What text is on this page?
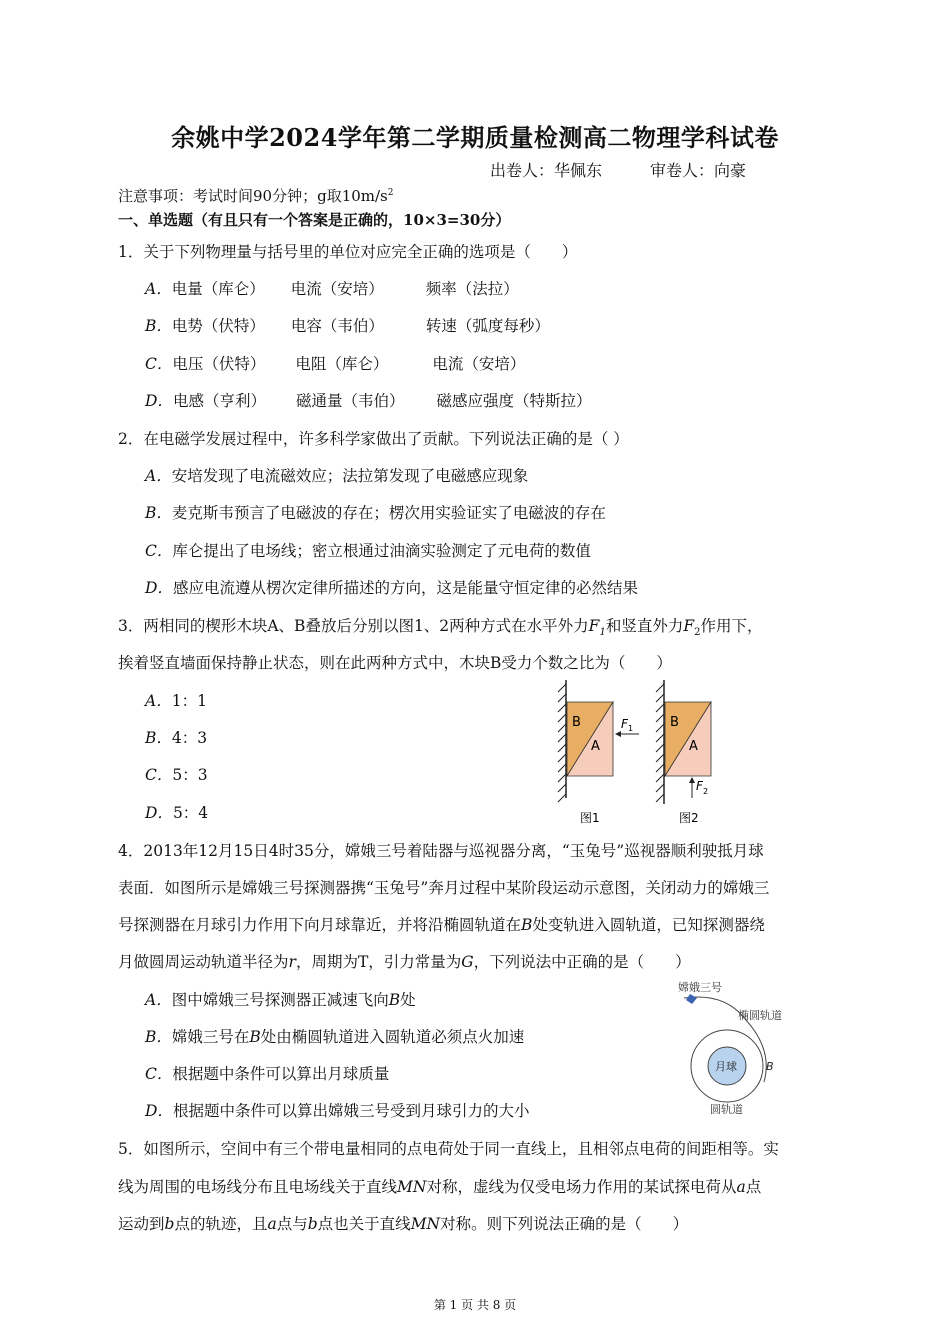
余姚中学2024学年第二学期质量检测高二物理学科试卷
出卷人：华佩东	审卷人：向豪
注意事项：考试时间90分钟；g取$10m/s^2$
一、单选题（有且只有一个答案是正确的，10×3=30分）
1．关于下列物理量与括号里的单位对应完全正确的选项是（　　）
A．电量（库仑） 电流（安培）	频率（法拉）
B．电势（伏特） 电容（韦伯）	转速（弧度每秒）
C．电压（伏特） 电阻（库仑）	电流（安培）
D．电感（亨利） 磁通量（韦伯） 磁感应强度（特斯拉）
2．在电磁学发展过程中，许多科学家做出了贡献。下列说法正确的是（ ）
A．安培发现了电流磁效应；法拉第发现了电磁感应现象
B．麦克斯韦预言了电磁波的存在；楞次用实验证实了电磁波的存在
C．库仑提出了电场线；密立根通过油滴实验测定了元电荷的数值
D．感应电流遵从楞次定律所描述的方向，这是能量守恒定律的必然结果
3．两相同的楔形木块A、B叠放后分别以图1、2两种方式在水平外力$F_1$和竖直外力$F_2$作用下，
挨着竖直墙面保持静止状态，则在此两种方式中，木块B受力个数之比为（　　）
A．1：1
B．4：3
C．5：3
D．5：4
B
A
F 1
图1
B
A
F 2
图2
4．2013年12月15日4时35分，嫦娥三号着陆器与巡视器分离，“玉兔号”巡视器顺利驶抵月球
表面．如图所示是嫦娥三号探测器携“玉兔号”奔月过程中某阶段运动示意图，关闭动力的嫦娥三
号探测器在月球引力作用下向月球靠近，并将沿椭圆轨道在B处变轨进入圆轨道，已知探测器绕
月做圆周运动轨道半径为r，周期为T，引力常量为G，下列说法中正确的是（　　）
A．图中嫦娥三号探测器正减速飞向B处
B．嫦娥三号在B处由椭圆轨道进入圆轨道必须点火加速
C．根据题中条件可以算出月球质量
D．根据题中条件可以算出嫦娥三号受到月球引力的大小
嫦娥三号
椭圆轨道
月球	B
圆轨道
5．如图所示，空间中有三个带电量相同的点电荷处于同一直线上，且相邻点电荷的间距相等。实
线为周围的电场线分布且电场线关于直线MN对称，虚线为仅受电场力作用的某试探电荷从a点
运动到b点的轨迹，且a点与b点也关于直线MN对称。则下列说法正确的是（　　）
第 1 页 共 8 页
